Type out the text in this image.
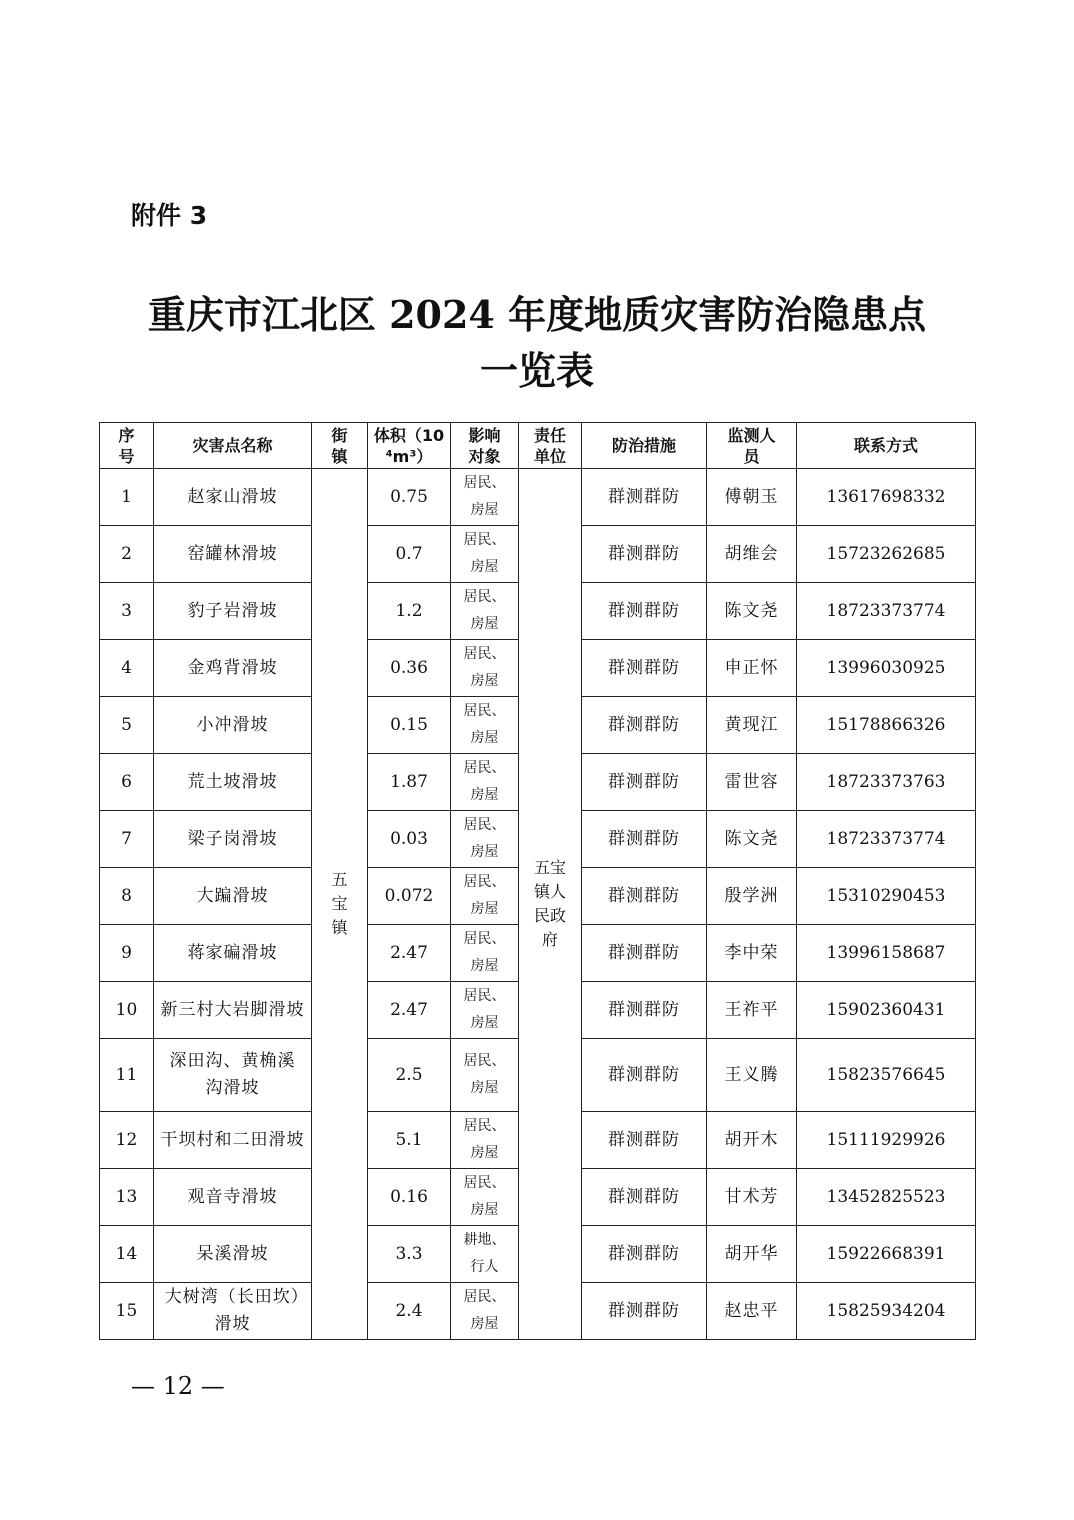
附件 3
重庆市江北区 2024 年度地质灾害防治隐患点
一览表
序号	灾害点名称	街镇	体积（10⁴m³）	影响对象	责任单位	防治措施	监测人员	联系方式
1	赵家山滑坡	五宝镇	0.75	居民、房屋	五宝镇人民政府	群测群防	傅朝玉	13617698332
2	窑罐林滑坡		0.7	居民、房屋		群测群防	胡维会	15723262685
3	豹子岩滑坡		1.2	居民、房屋		群测群防	陈文尧	18723373774
4	金鸡背滑坡		0.36	居民、房屋		群测群防	申正怀	13996030925
5	小冲滑坡		0.15	居民、房屋		群测群防	黄现江	15178866326
6	荒土坡滑坡		1.87	居民、房屋		群测群防	雷世容	18723373763
7	梁子岗滑坡		0.03	居民、房屋		群测群防	陈文尧	18723373774
8	大蹁滑坡		0.072	居民、房屋		群测群防	殷学洲	15310290453
9	蒋家碥滑坡		2.47	居民、房屋		群测群防	李中荣	13996158687
10	新三村大岩脚滑坡		2.47	居民、房屋		群测群防	王祚平	15902360431
11	深田沟、黄桷溪沟滑坡		2.5	居民、房屋		群测群防	王义腾	15823576645
12	干坝村和二田滑坡		5.1	居民、房屋		群测群防	胡开木	15111929926
13	观音寺滑坡		0.16	居民、房屋		群测群防	甘术芳	13452825523
14	呆溪滑坡		3.3	耕地、行人		群测群防	胡开华	15922668391
15	大树湾（长田坎）滑坡		2.4	居民、房屋		群测群防	赵忠平	15825934204
— 12 —
